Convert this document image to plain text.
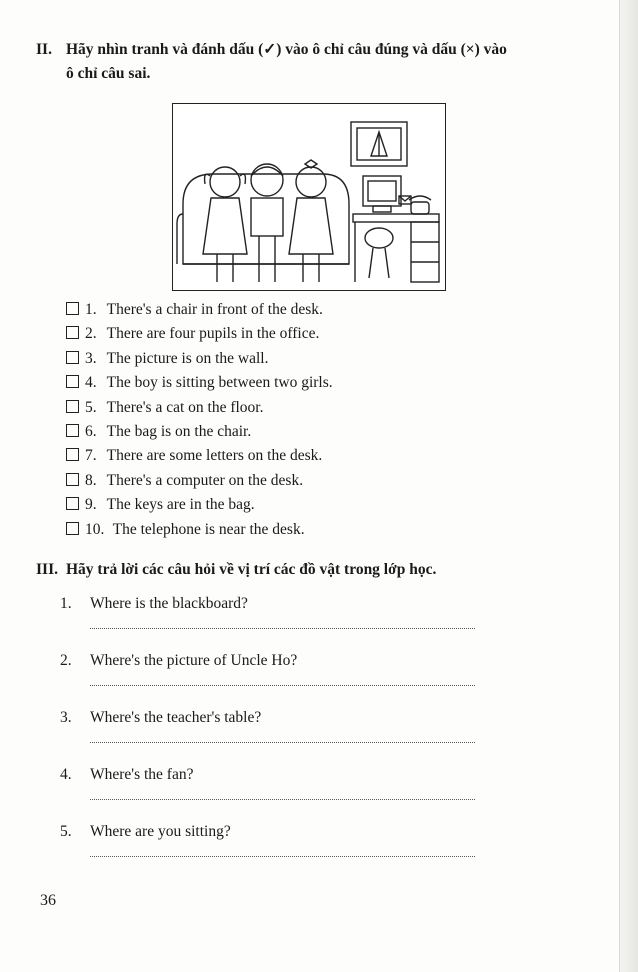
II. Hãy nhìn tranh và đánh dấu (✓) vào ô chỉ câu đúng và dấu (×) vào
ô chỉ câu sai.
1. There's a chair in front of the desk.
2. There are four pupils in the office.
3. The picture is on the wall.
4. The boy is sitting between two girls.
5. There's a cat on the floor.
6. The bag is on the chair.
7. There are some letters on the desk.
8. There's a computer on the desk.
9. The keys are in the bag.
10. The telephone is near the desk.
III. Hãy trả lời các câu hỏi về vị trí các đồ vật trong lớp học.
1. Where is the blackboard?
2. Where's the picture of Uncle Ho?
3. Where's the teacher's table?
4. Where's the fan?
5. Where are you sitting?
36
